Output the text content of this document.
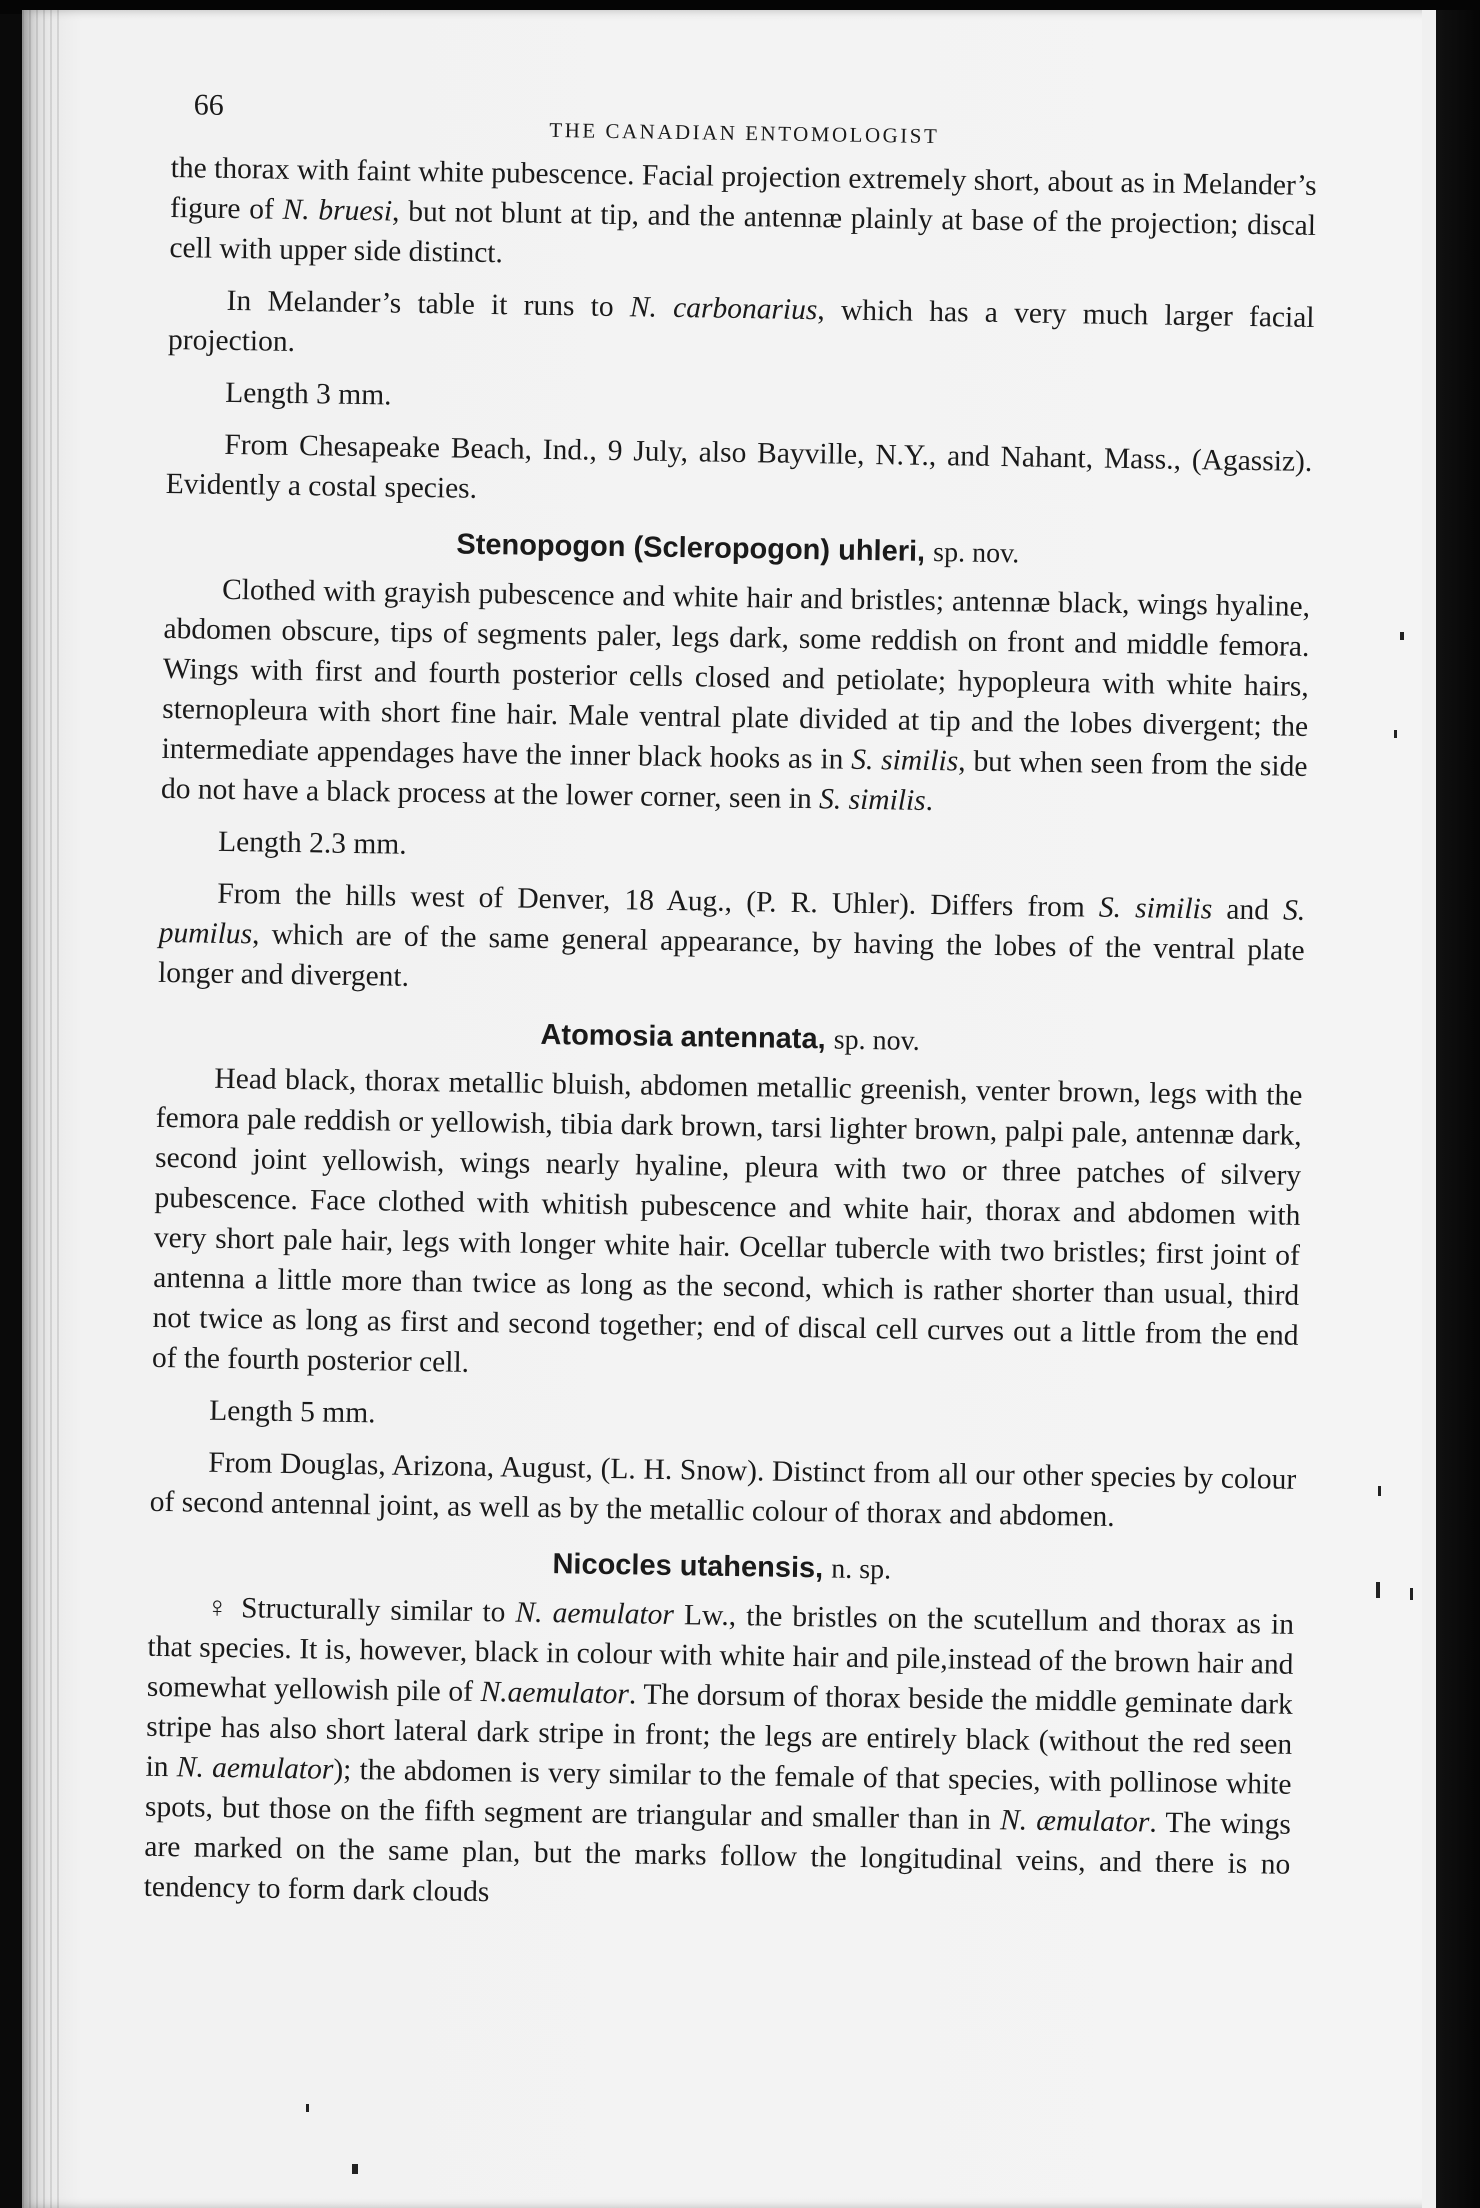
66
THE CANADIAN ENTOMOLOGIST

the thorax with faint white pubescence. Facial projection extremely short, about as in Melander’s figure of N. bruesi, but not blunt at tip, and the antennæ plainly at base of the projection; discal cell with upper side distinct.

In Melander’s table it runs to N. carbonarius, which has a very much larger facial projection.

Length 3 mm.

From Chesapeake Beach, Ind., 9 July, also Bayville, N.Y., and Nahant, Mass., (Agassiz). Evidently a costal species.

Stenopogon (Scleropogon) uhleri, sp. nov.

Clothed with grayish pubescence and white hair and bristles; antennæ black, wings hyaline, abdomen obscure, tips of segments paler, legs dark, some reddish on front and middle femora. Wings with first and fourth posterior cells closed and petiolate; hypopleura with white hairs, sternopleura with short fine hair. Male ventral plate divided at tip and the lobes divergent; the intermediate appendages have the inner black hooks as in S. similis, but when seen from the side do not have a black process at the lower corner, seen in S. similis.

Length 2.3 mm.

From the hills west of Denver, 18 Aug., (P. R. Uhler). Differs from S. similis and S. pumilus, which are of the same general appearance, by having the lobes of the ventral plate longer and divergent.

Atomosia antennata, sp. nov.

Head black, thorax metallic bluish, abdomen metallic greenish, venter brown, legs with the femora pale reddish or yellowish, tibia dark brown, tarsi lighter brown, palpi pale, antennæ dark, second joint yellowish, wings nearly hyaline, pleura with two or three patches of silvery pubescence. Face clothed with whitish pubescence and white hair, thorax and abdomen with very short pale hair, legs with longer white hair. Ocellar tubercle with two bristles; first joint of antenna a little more than twice as long as the second, which is rather shorter than usual, third not twice as long as first and second together; end of discal cell curves out a little from the end of the fourth posterior cell.

Length 5 mm.

From Douglas, Arizona, August, (L. H. Snow). Distinct from all our other species by colour of second antennal joint, as well as by the metallic colour of thorax and abdomen.

Nicocles utahensis, n. sp.

♀ Structurally similar to N. aemulator Lw., the bristles on the scutellum and thorax as in that species. It is, however, black in colour with white hair and pile,instead of the brown hair and somewhat yellowish pile of N.aemulator. The dorsum of thorax beside the middle geminate dark stripe has also short lateral dark stripe in front; the legs are entirely black (without the red seen in N. aemulator); the abdomen is very similar to the female of that species, with pollinose white spots, but those on the fifth segment are triangular and smaller than in N. æmulator. The wings are marked on the same plan, but the marks follow the longitudinal veins, and there is no tendency to form dark clouds
